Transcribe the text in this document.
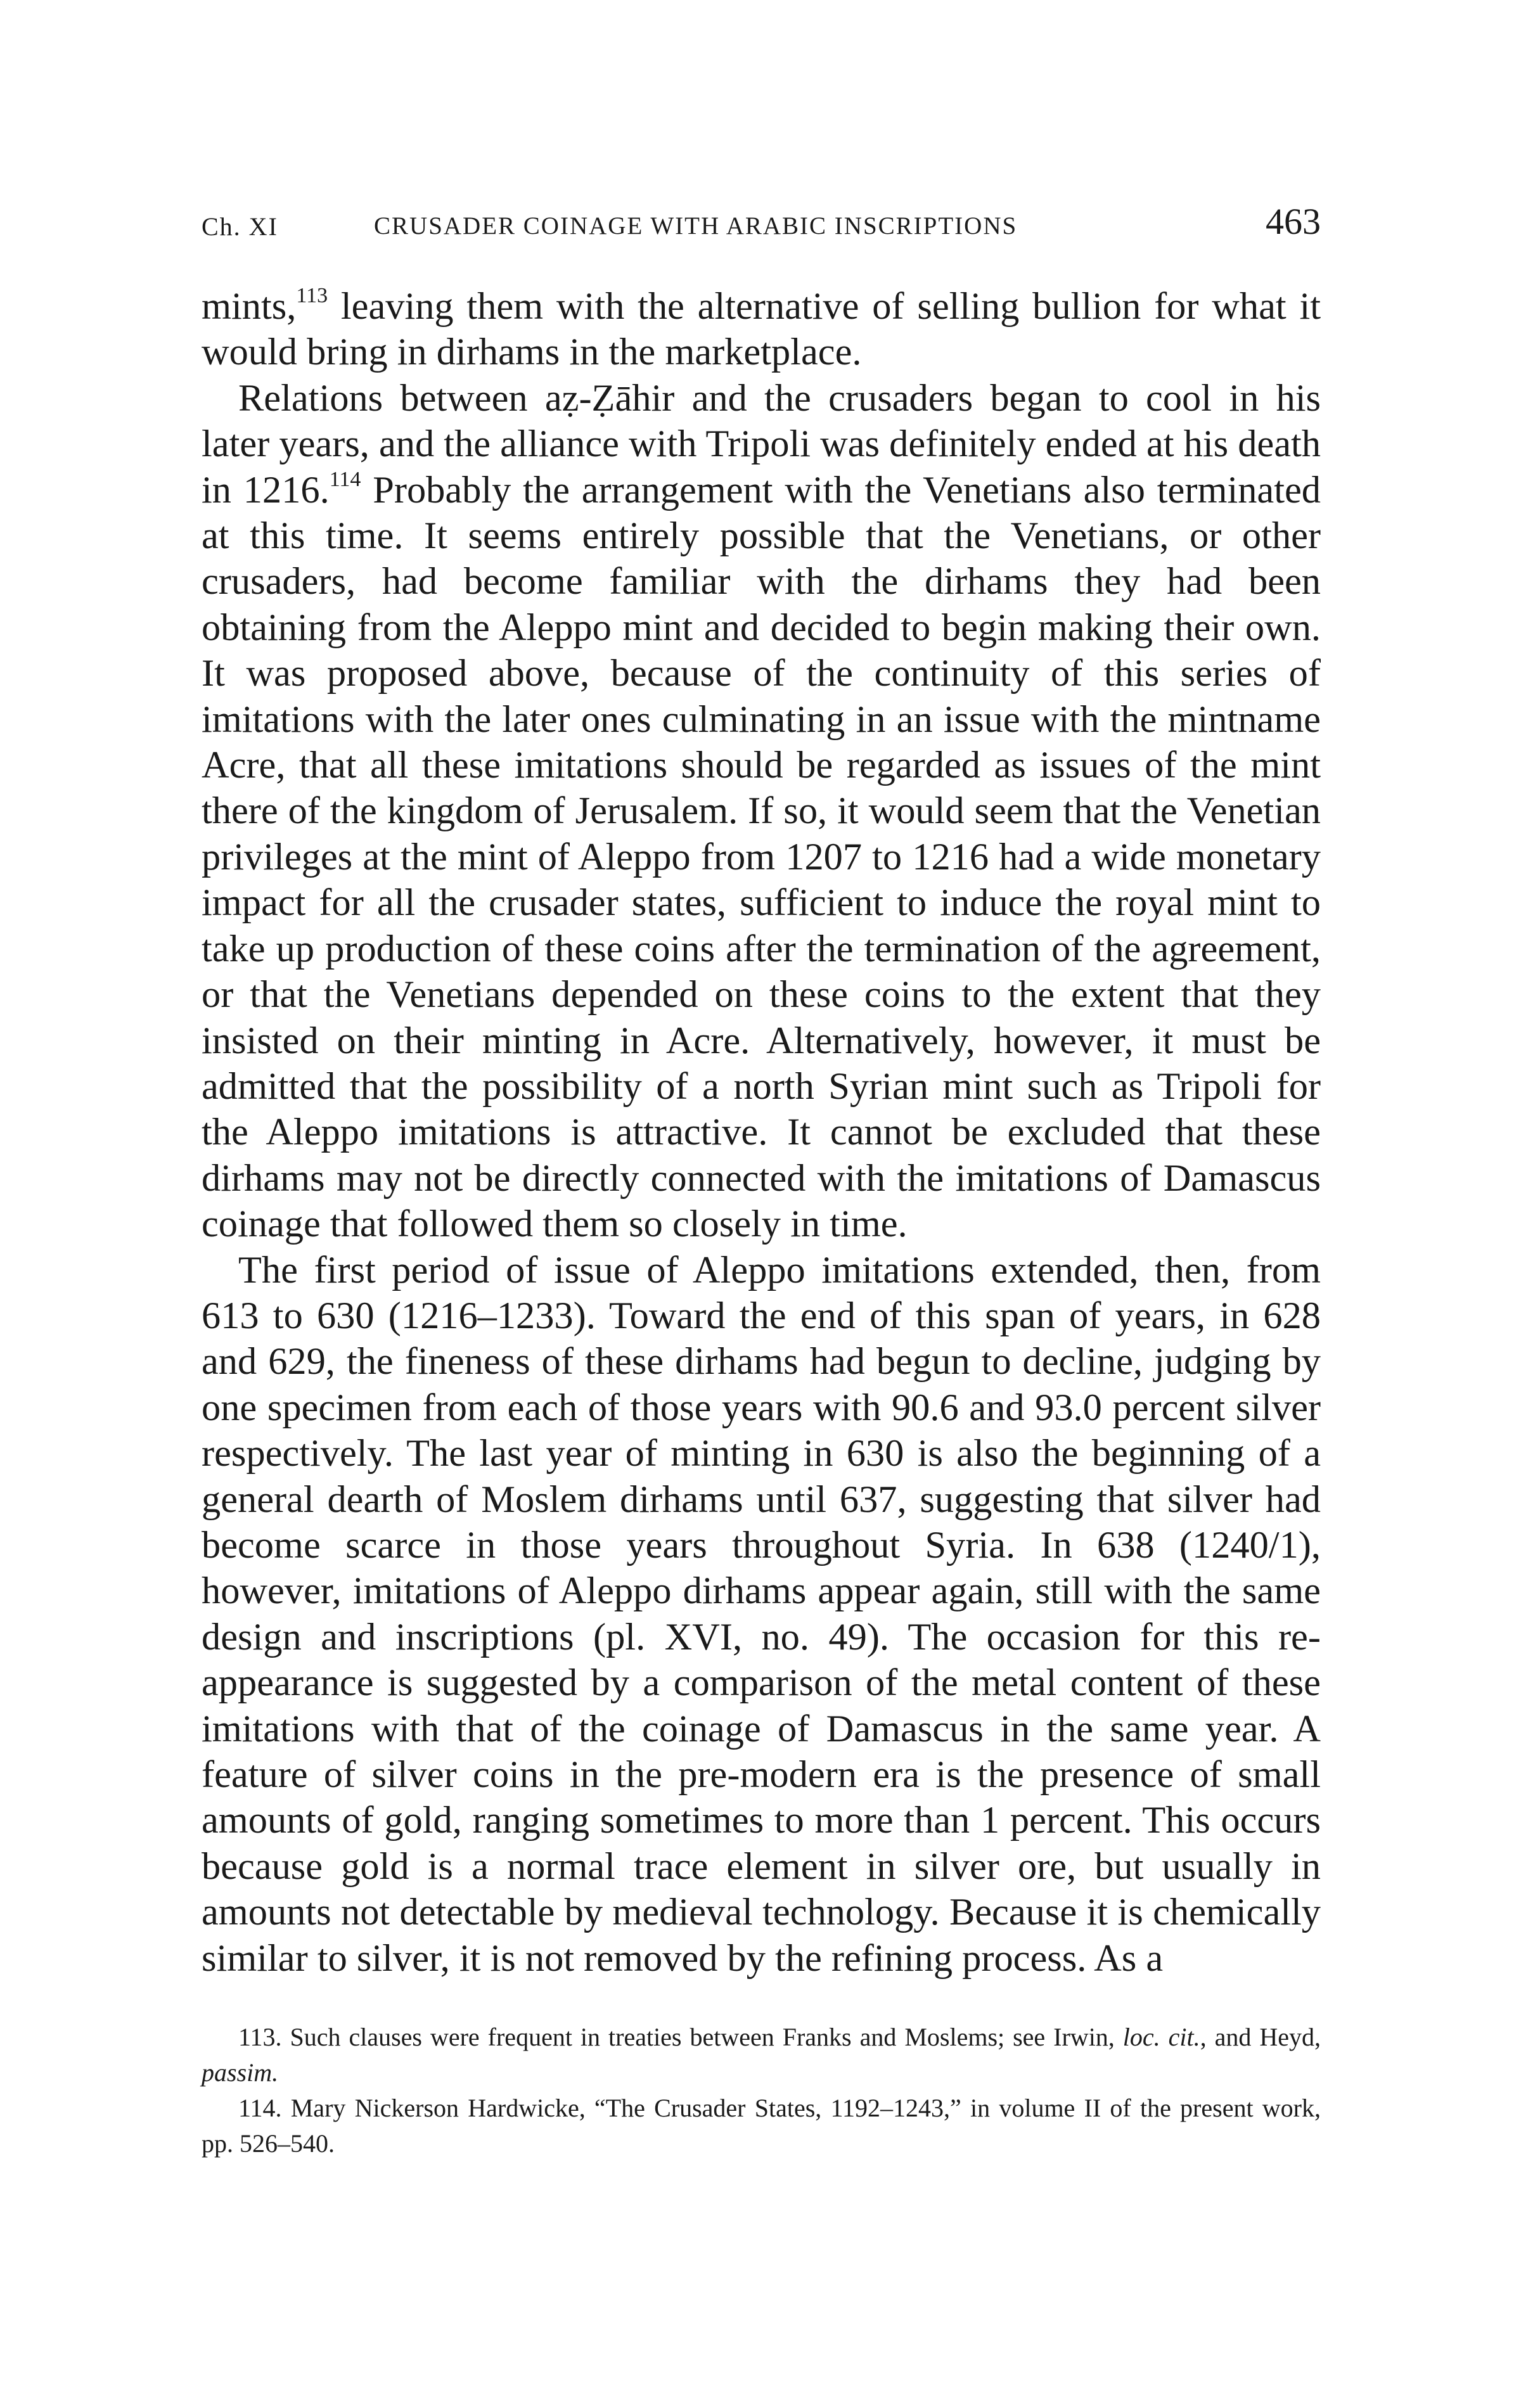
Ch. XI	CRUSADER COINAGE WITH ARABIC INSCRIPTIONS	463

mints,$^{113}$ leaving them with the alternative of selling bullion for what it would bring in dirhams in the marketplace.

Relations between aẓ-Ẓāhir and the crusaders began to cool in his later years, and the alliance with Tripoli was definitely ended at his death in 1216.$^{114}$ Probably the arrangement with the Venetians also terminated at this time. It seems entirely possible that the Venetians, or other crusaders, had become familiar with the dirhams they had been obtaining from the Aleppo mint and decided to begin making their own. It was proposed above, because of the continuity of this series of imitations with the later ones culminating in an issue with the mintname Acre, that all these imitations should be regarded as issues of the mint there of the kingdom of Jerusalem. If so, it would seem that the Venetian privileges at the mint of Aleppo from 1207 to 1216 had a wide monetary impact for all the crusader states, sufficient to induce the royal mint to take up production of these coins after the termination of the agreement, or that the Venetians depended on these coins to the extent that they insisted on their minting in Acre. Alternatively, however, it must be admitted that the possibility of a north Syrian mint such as Tripoli for the Aleppo imitations is attractive. It cannot be excluded that these dirhams may not be directly connected with the imitations of Damascus coinage that followed them so closely in time.

The first period of issue of Aleppo imitations extended, then, from 613 to 630 (1216–1233). Toward the end of this span of years, in 628 and 629, the fineness of these dirhams had begun to decline, judging by one specimen from each of those years with 90.6 and 93.0 percent silver respectively. The last year of minting in 630 is also the beginning of a general dearth of Moslem dirhams until 637, suggesting that silver had become scarce in those years throughout Syria. In 638 (1240/1), however, imitations of Aleppo dirhams appear again, still with the same design and inscriptions (pl. XVI, no. 49). The occasion for this reappearance is suggested by a comparison of the metal content of these imitations with that of the coinage of Damascus in the same year. A feature of silver coins in the pre-modern era is the presence of small amounts of gold, ranging sometimes to more than 1 percent. This occurs because gold is a normal trace element in silver ore, but usually in amounts not detectable by medieval technology. Because it is chemically similar to silver, it is not removed by the refining process. As a

113. Such clauses were frequent in treaties between Franks and Moslems; see Irwin, loc. cit., and Heyd, passim.

114. Mary Nickerson Hardwicke, “The Crusader States, 1192–1243,” in volume II of the present work, pp. 526–540.
